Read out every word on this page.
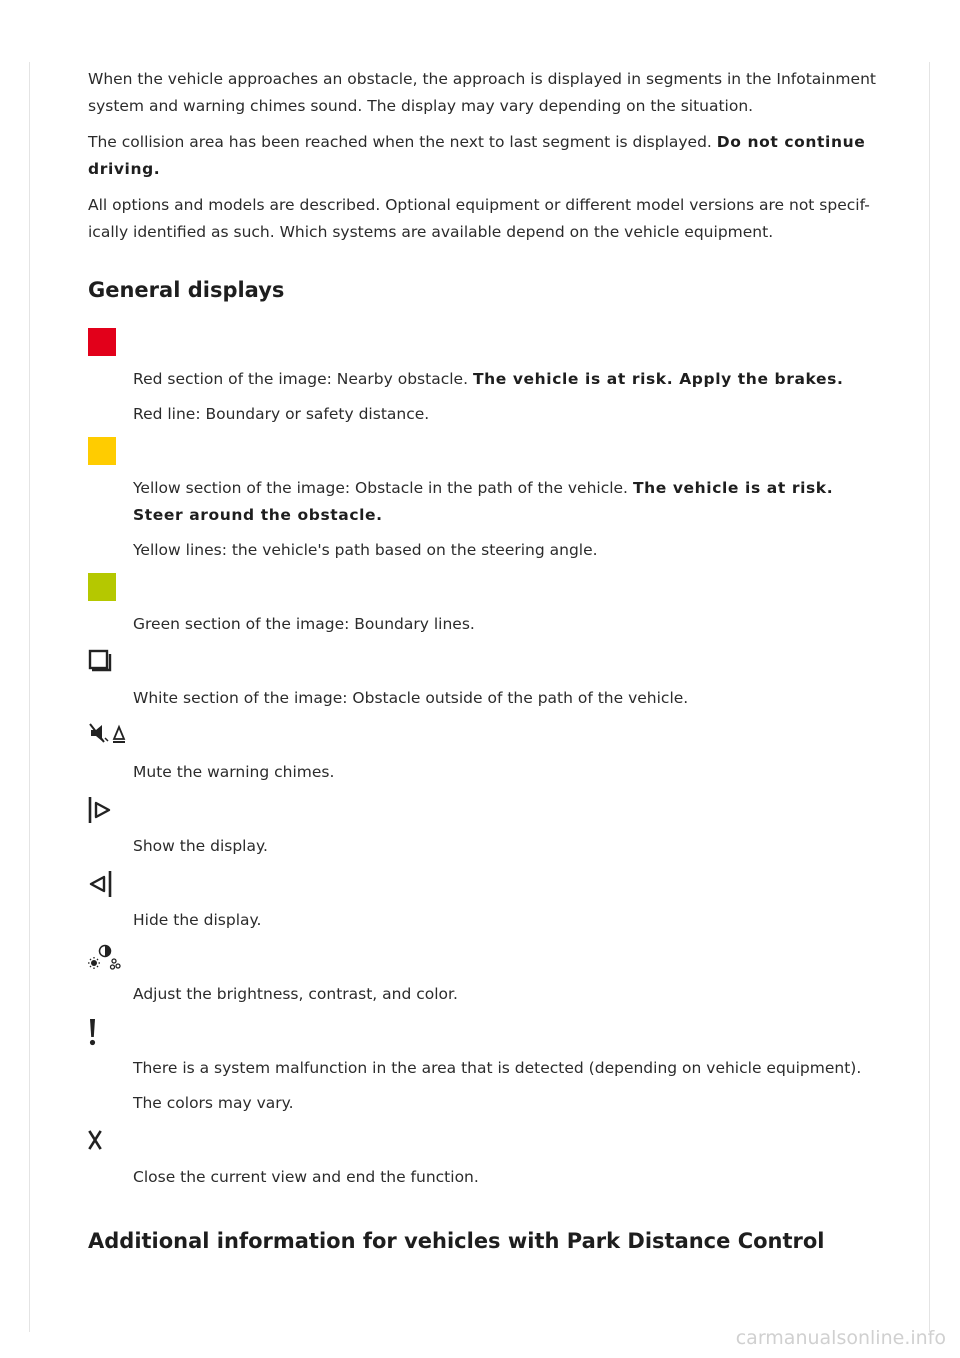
When the vehicle approaches an obstacle, the approach is displayed in segments in the Infotainment system and warning chimes sound. The display may vary depending on the situation.

The collision area has been reached when the next to last segment is displayed. Do not continue driving.

All options and models are described. Optional equipment or different model versions are not specif-ically identified as such. Which systems are available depend on the vehicle equipment.

General displays

Red section of the image: Nearby obstacle. The vehicle is at risk. Apply the brakes.

Red line: Boundary or safety distance.

Yellow section of the image: Obstacle in the path of the vehicle. The vehicle is at risk. Steer around the obstacle.

Yellow lines: the vehicle's path based on the steering angle.

Green section of the image: Boundary lines.

White section of the image: Obstacle outside of the path of the vehicle.

Mute the warning chimes.

Show the display.

Hide the display.

Adjust the brightness, contrast, and color.

There is a system malfunction in the area that is detected (depending on vehicle equipment).

The colors may vary.

Close the current view and end the function.

Additional information for vehicles with Park Distance Control
carmanualsonline.info
